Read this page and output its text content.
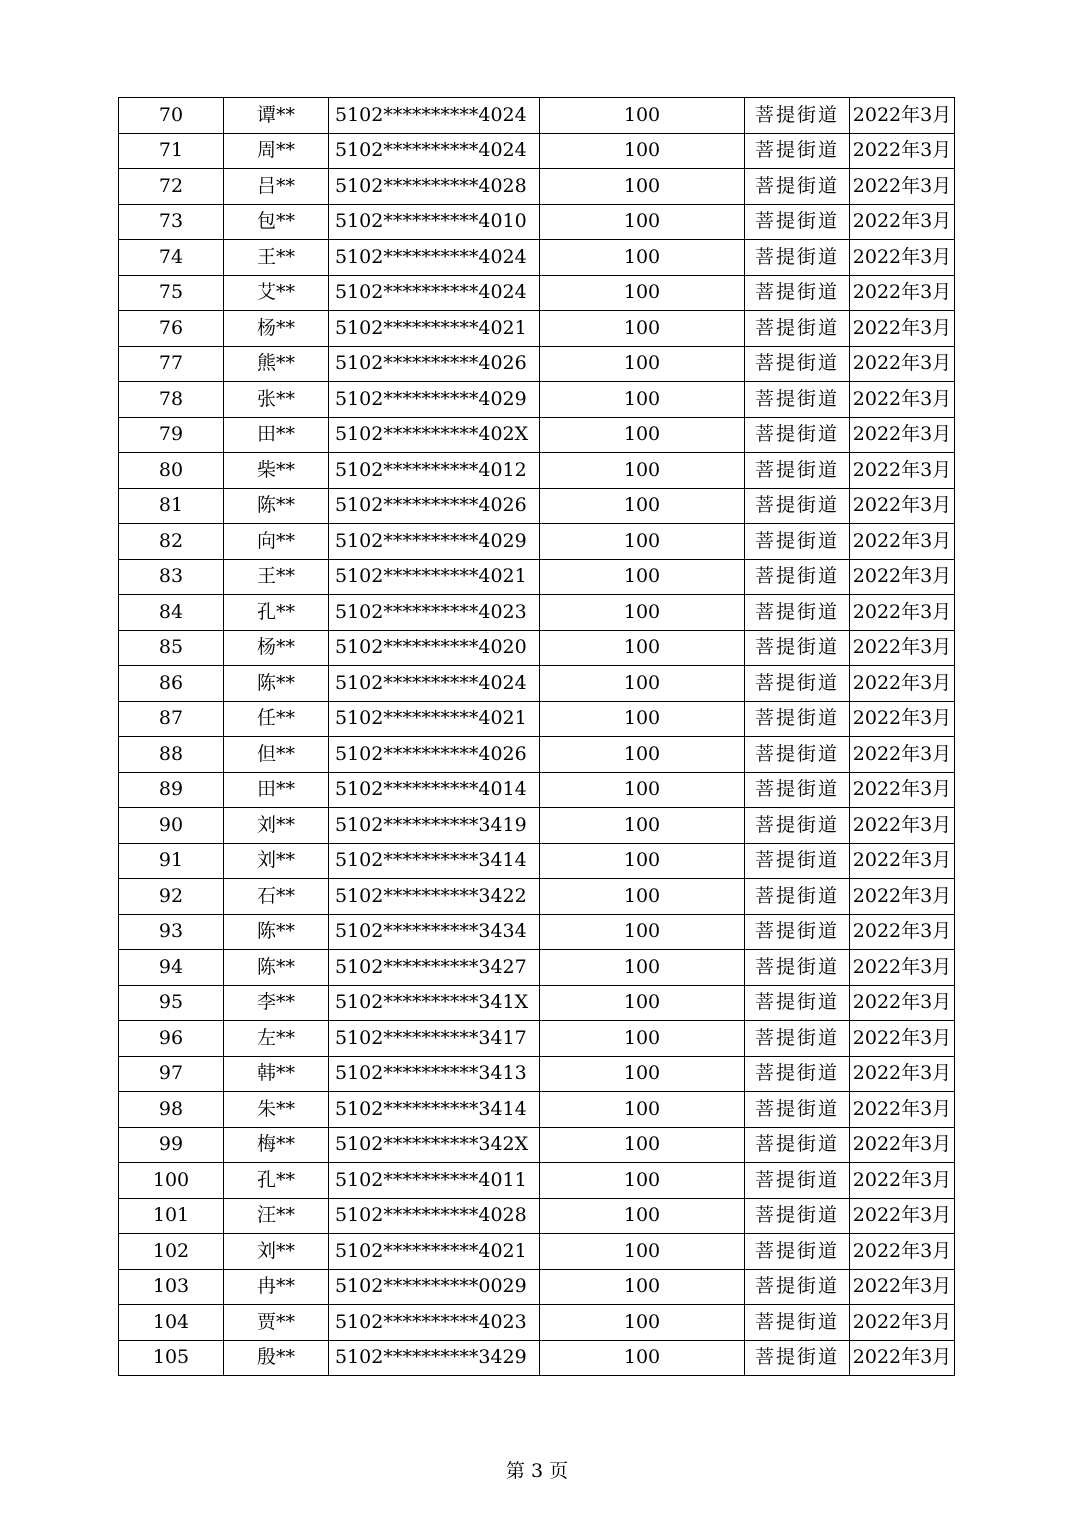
70	谭**	5102**********4024	100	菩提街道	2022年3月
71	周**	5102**********4024	100	菩提街道	2022年3月
72	吕**	5102**********4028	100	菩提街道	2022年3月
73	包**	5102**********4010	100	菩提街道	2022年3月
74	王**	5102**********4024	100	菩提街道	2022年3月
75	艾**	5102**********4024	100	菩提街道	2022年3月
76	杨**	5102**********4021	100	菩提街道	2022年3月
77	熊**	5102**********4026	100	菩提街道	2022年3月
78	张**	5102**********4029	100	菩提街道	2022年3月
79	田**	5102**********402X	100	菩提街道	2022年3月
80	柴**	5102**********4012	100	菩提街道	2022年3月
81	陈**	5102**********4026	100	菩提街道	2022年3月
82	向**	5102**********4029	100	菩提街道	2022年3月
83	王**	5102**********4021	100	菩提街道	2022年3月
84	孔**	5102**********4023	100	菩提街道	2022年3月
85	杨**	5102**********4020	100	菩提街道	2022年3月
86	陈**	5102**********4024	100	菩提街道	2022年3月
87	任**	5102**********4021	100	菩提街道	2022年3月
88	但**	5102**********4026	100	菩提街道	2022年3月
89	田**	5102**********4014	100	菩提街道	2022年3月
90	刘**	5102**********3419	100	菩提街道	2022年3月
91	刘**	5102**********3414	100	菩提街道	2022年3月
92	石**	5102**********3422	100	菩提街道	2022年3月
93	陈**	5102**********3434	100	菩提街道	2022年3月
94	陈**	5102**********3427	100	菩提街道	2022年3月
95	李**	5102**********341X	100	菩提街道	2022年3月
96	左**	5102**********3417	100	菩提街道	2022年3月
97	韩**	5102**********3413	100	菩提街道	2022年3月
98	朱**	5102**********3414	100	菩提街道	2022年3月
99	梅**	5102**********342X	100	菩提街道	2022年3月
100	孔**	5102**********4011	100	菩提街道	2022年3月
101	汪**	5102**********4028	100	菩提街道	2022年3月
102	刘**	5102**********4021	100	菩提街道	2022年3月
103	冉**	5102**********0029	100	菩提街道	2022年3月
104	贾**	5102**********4023	100	菩提街道	2022年3月
105	殷**	5102**********3429	100	菩提街道	2022年3月
第 3 页
